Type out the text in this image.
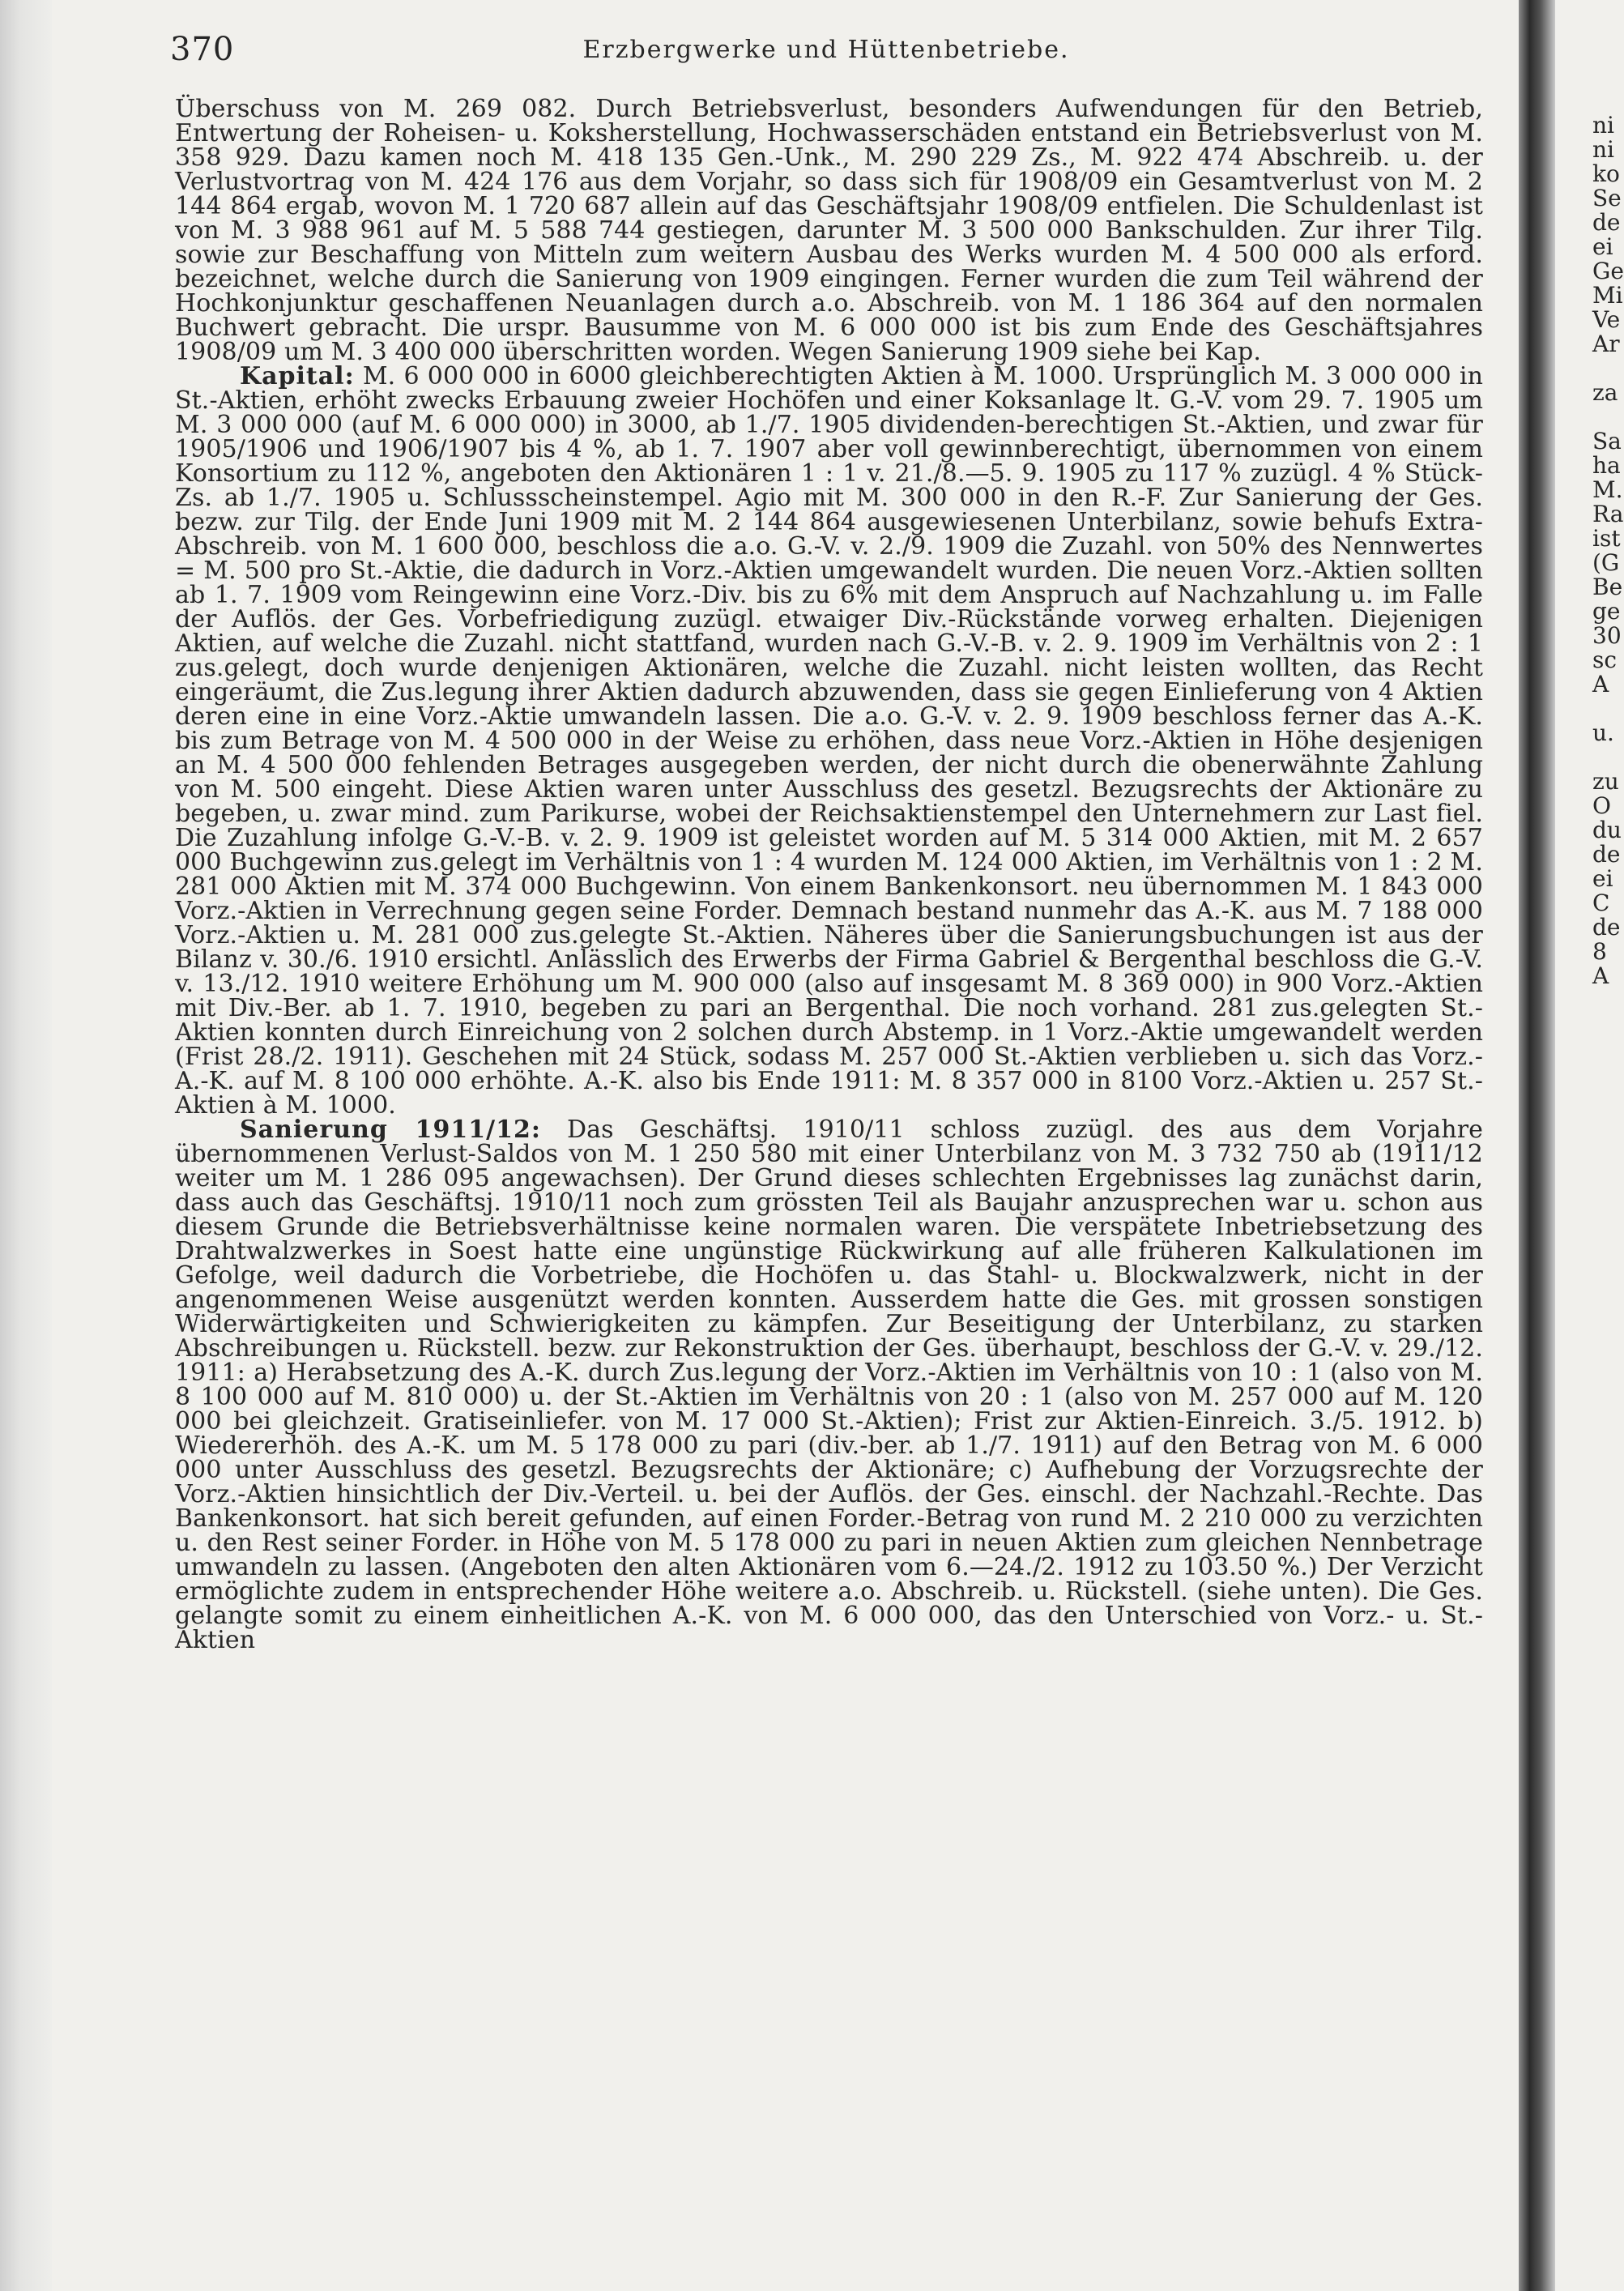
370	Erzbergwerke und Hüttenbetriebe.

Überschuss von M. 269 082. Durch Betriebsverlust, besonders Aufwendungen für den Betrieb, Entwertung der Roheisen- u. Koksherstellung, Hochwasserschäden entstand ein Betriebsverlust von M. 358 929. Dazu kamen noch M. 418 135 Gen.-Unk., M. 290 229 Zs., M. 922 474 Abschreib. u. der Verlustvortrag von M. 424 176 aus dem Vorjahr, so dass sich für 1908/09 ein Gesamtverlust von M. 2 144 864 ergab, wovon M. 1 720 687 allein auf das Geschäftsjahr 1908/09 entfielen. Die Schuldenlast ist von M. 3 988 961 auf M. 5 588 744 gestiegen, darunter M. 3 500 000 Bankschulden. Zur ihrer Tilg. sowie zur Beschaffung von Mitteln zum weitern Ausbau des Werks wurden M. 4 500 000 als erford. bezeichnet, welche durch die Sanierung von 1909 eingingen. Ferner wurden die zum Teil während der Hochkonjunktur geschaffenen Neuanlagen durch a.o. Abschreib. von M. 1 186 364 auf den normalen Buchwert gebracht. Die urspr. Bausumme von M. 6 000 000 ist bis zum Ende des Geschäftsjahres 1908/09 um M. 3 400 000 überschritten worden. Wegen Sanierung 1909 siehe bei Kap.

Kapital: M. 6 000 000 in 6000 gleichberechtigten Aktien à M. 1000. Ursprünglich M. 3 000 000 in St.-Aktien, erhöht zwecks Erbauung zweier Hochöfen und einer Koksanlage lt. G.-V. vom 29. 7. 1905 um M. 3 000 000 (auf M. 6 000 000) in 3000, ab 1./7. 1905 dividenden-berechtigen St.-Aktien, und zwar für 1905/1906 und 1906/1907 bis 4 %, ab 1. 7. 1907 aber voll gewinnberechtigt, übernommen von einem Konsortium zu 112 %, angeboten den Aktionären 1 : 1 v. 21./8.—5. 9. 1905 zu 117 % zuzügl. 4 % Stück-Zs. ab 1./7. 1905 u. Schlussscheinstempel. Agio mit M. 300 000 in den R.-F. Zur Sanierung der Ges. bezw. zur Tilg. der Ende Juni 1909 mit M. 2 144 864 ausgewiesenen Unterbilanz, sowie behufs Extra-Abschreib. von M. 1 600 000, beschloss die a.o. G.-V. v. 2./9. 1909 die Zuzahl. von 50% des Nennwertes = M. 500 pro St.-Aktie, die dadurch in Vorz.-Aktien umgewandelt wurden. Die neuen Vorz.-Aktien sollten ab 1. 7. 1909 vom Reingewinn eine Vorz.-Div. bis zu 6% mit dem Anspruch auf Nachzahlung u. im Falle der Auflös. der Ges. Vorbefriedigung zuzügl. etwaiger Div.-Rückstände vorweg erhalten. Diejenigen Aktien, auf welche die Zuzahl. nicht stattfand, wurden nach G.-V.-B. v. 2. 9. 1909 im Verhältnis von 2 : 1 zus.gelegt, doch wurde denjenigen Aktionären, welche die Zuzahl. nicht leisten wollten, das Recht eingeräumt, die Zus.legung ihrer Aktien dadurch abzuwenden, dass sie gegen Einlieferung von 4 Aktien deren eine in eine Vorz.-Aktie umwandeln lassen. Die a.o. G.-V. v. 2. 9. 1909 beschloss ferner das A.-K. bis zum Betrage von M. 4 500 000 in der Weise zu erhöhen, dass neue Vorz.-Aktien in Höhe desjenigen an M. 4 500 000 fehlenden Betrages ausgegeben werden, der nicht durch die obenerwähnte Zahlung von M. 500 eingeht. Diese Aktien waren unter Ausschluss des gesetzl. Bezugsrechts der Aktionäre zu begeben, u. zwar mind. zum Parikurse, wobei der Reichsaktienstempel den Unternehmern zur Last fiel. Die Zuzahlung infolge G.-V.-B. v. 2. 9. 1909 ist geleistet worden auf M. 5 314 000 Aktien, mit M. 2 657 000 Buchgewinn zus.gelegt im Verhältnis von 1 : 4 wurden M. 124 000 Aktien, im Verhältnis von 1 : 2 M. 281 000 Aktien mit M. 374 000 Buchgewinn. Von einem Bankenkonsort. neu übernommen M. 1 843 000 Vorz.-Aktien in Verrechnung gegen seine Forder. Demnach bestand nunmehr das A.-K. aus M. 7 188 000 Vorz.-Aktien u. M. 281 000 zus.gelegte St.-Aktien. Näheres über die Sanierungsbuchungen ist aus der Bilanz v. 30./6. 1910 ersichtl. Anlässlich des Erwerbs der Firma Gabriel & Bergenthal beschloss die G.-V. v. 13./12. 1910 weitere Erhöhung um M. 900 000 (also auf insgesamt M. 8 369 000) in 900 Vorz.-Aktien mit Div.-Ber. ab 1. 7. 1910, begeben zu pari an Bergenthal. Die noch vorhand. 281 zus.gelegten St.-Aktien konnten durch Einreichung von 2 solchen durch Abstemp. in 1 Vorz.-Aktie umgewandelt werden (Frist 28./2. 1911). Geschehen mit 24 Stück, sodass M. 257 000 St.-Aktien verblieben u. sich das Vorz.-A.-K. auf M. 8 100 000 erhöhte. A.-K. also bis Ende 1911: M. 8 357 000 in 8100 Vorz.-Aktien u. 257 St.-Aktien à M. 1000.

Sanierung 1911/12: Das Geschäftsj. 1910/11 schloss zuzügl. des aus dem Vorjahre übernommenen Verlust-Saldos von M. 1 250 580 mit einer Unterbilanz von M. 3 732 750 ab (1911/12 weiter um M. 1 286 095 angewachsen). Der Grund dieses schlechten Ergebnisses lag zunächst darin, dass auch das Geschäftsj. 1910/11 noch zum grössten Teil als Baujahr anzusprechen war u. schon aus diesem Grunde die Betriebsverhältnisse keine normalen waren. Die verspätete Inbetriebsetzung des Drahtwalzwerkes in Soest hatte eine ungünstige Rückwirkung auf alle früheren Kalkulationen im Gefolge, weil dadurch die Vorbetriebe, die Hochöfen u. das Stahl- u. Blockwalzwerk, nicht in der angenommenen Weise ausgenützt werden konnten. Ausserdem hatte die Ges. mit grossen sonstigen Widerwärtigkeiten und Schwierigkeiten zu kämpfen. Zur Beseitigung der Unterbilanz, zu starken Abschreibungen u. Rückstell. bezw. zur Rekonstruktion der Ges. überhaupt, beschloss der G.-V. v. 29./12. 1911: a) Herabsetzung des A.-K. durch Zus.legung der Vorz.-Aktien im Verhältnis von 10 : 1 (also von M. 8 100 000 auf M. 810 000) u. der St.-Aktien im Verhältnis von 20 : 1 (also von M. 257 000 auf M. 120 000 bei gleichzeit. Gratiseinliefer. von M. 17 000 St.-Aktien); Frist zur Aktien-Einreich. 3./5. 1912. b) Wiedererhöh. des A.-K. um M. 5 178 000 zu pari (div.-ber. ab 1./7. 1911) auf den Betrag von M. 6 000 000 unter Ausschluss des gesetzl. Bezugsrechts der Aktionäre; c) Aufhebung der Vorzugsrechte der Vorz.-Aktien hinsichtlich der Div.-Verteil. u. bei der Auflös. der Ges. einschl. der Nachzahl.-Rechte. Das Bankenkonsort. hat sich bereit gefunden, auf einen Forder.-Betrag von rund M. 2 210 000 zu verzichten u. den Rest seiner Forder. in Höhe von M. 5 178 000 zu pari in neuen Aktien zum gleichen Nennbetrage umwandeln zu lassen. (Angeboten den alten Aktionären vom 6.—24./2. 1912 zu 103.50 %.) Der Verzicht ermöglichte zudem in entsprechender Höhe weitere a.o. Abschreib. u. Rückstell. (siehe unten). Die Ges. gelangte somit zu einem einheitlichen A.-K. von M. 6 000 000, das den Unterschied von Vorz.- u. St.-Aktien

ni
ni
ko
Se
de
ei
Ge
Mi
Ve
Ar

za

Sa
ha
M.
Ra
ist
(G
Be
ge
30
sc
A

u.

zu
O
du
de
ei
C
de
8
A
